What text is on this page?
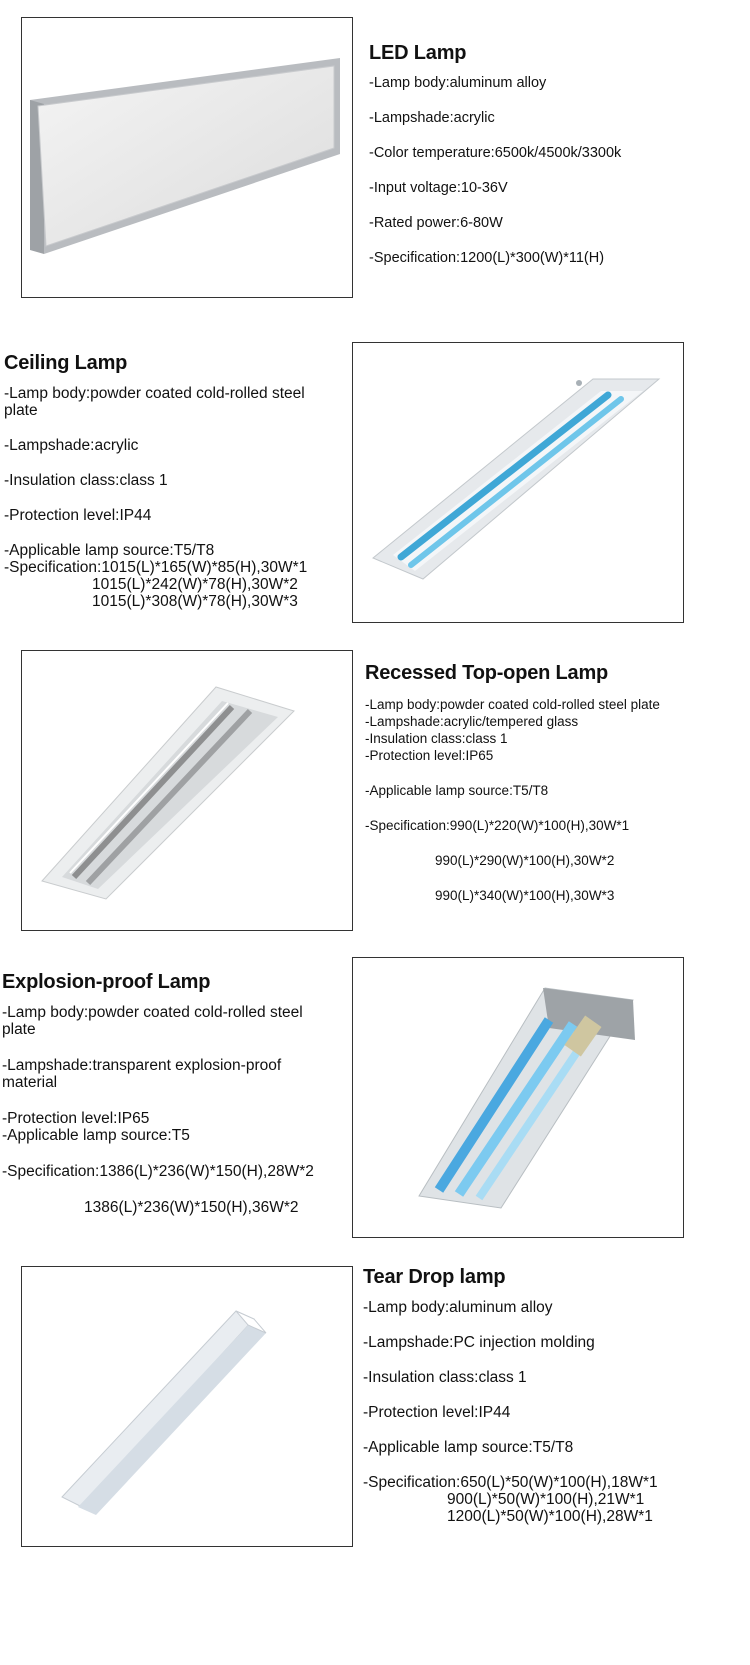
LED Lamp

-Lamp body:aluminum alloy

-Lampshade:acrylic

-Color temperature:6500k/4500k/3300k

-Input voltage:10-36V

-Rated power:6-80W

-Specification:1200(L)*300(W)*11(H)

Ceiling Lamp

-Lamp body:powder coated cold-rolled steel

plate

-Lampshade:acrylic

-Insulation class:class 1

-Protection level:IP44

-Applicable lamp source:T5/T8

-Specification:1015(L)*165(W)*85(H),30W*1

1015(L)*242(W)*78(H),30W*2

1015(L)*308(W)*78(H),30W*3

Recessed Top-open Lamp

-Lamp body:powder coated cold-rolled steel plate

-Lampshade:acrylic/tempered glass

-Insulation class:class 1

-Protection level:IP65

-Applicable lamp source:T5/T8

-Specification:990(L)*220(W)*100(H),30W*1

990(L)*290(W)*100(H),30W*2

990(L)*340(W)*100(H),30W*3

Explosion-proof Lamp

-Lamp body:powder coated cold-rolled steel

plate

-Lampshade:transparent explosion-proof

material

-Protection level:IP65

-Applicable lamp source:T5

-Specification:1386(L)*236(W)*150(H),28W*2

1386(L)*236(W)*150(H),36W*2

Tear Drop lamp

-Lamp body:aluminum alloy

-Lampshade:PC injection molding

-Insulation class:class 1

-Protection level:IP44

-Applicable lamp source:T5/T8

-Specification:650(L)*50(W)*100(H),18W*1

900(L)*50(W)*100(H),21W*1

1200(L)*50(W)*100(H),28W*1
